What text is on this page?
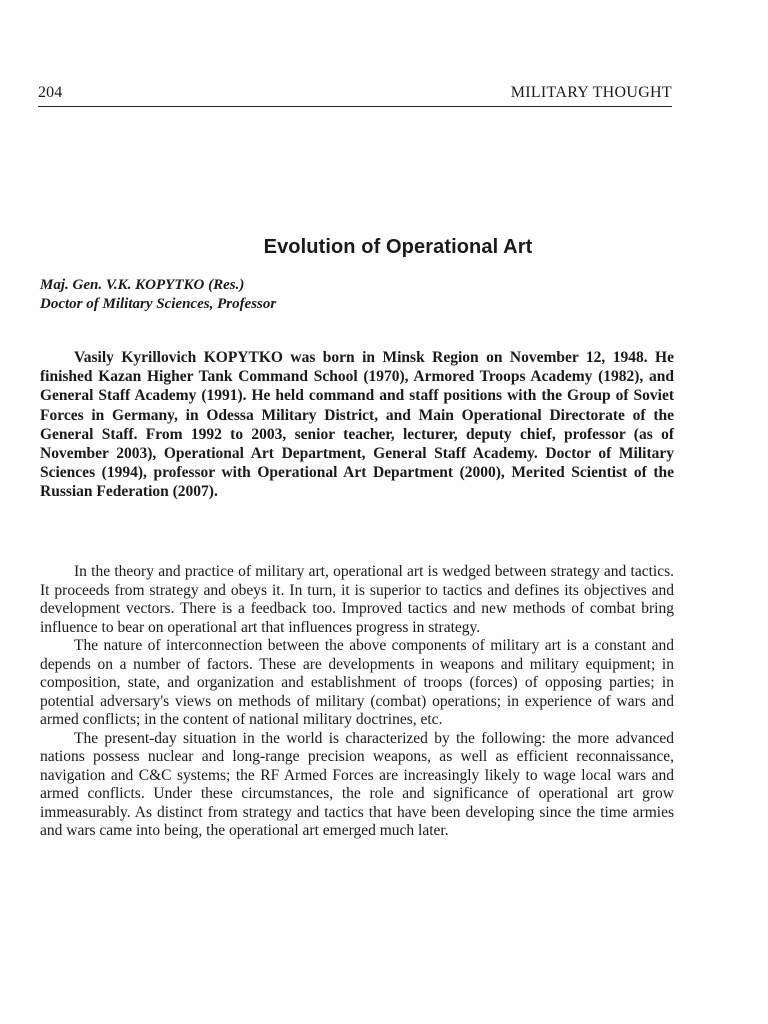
204	MILITARY THOUGHT
Evolution of Operational Art
Maj. Gen. V.K. KOPYTKO (Res.)
Doctor of Military Sciences, Professor

Vasily Kyrillovich KOPYTKO was born in Minsk Region on November 12, 1948. He finished Kazan Higher Tank Command School (1970), Armored Troops Academy (1982), and General Staff Academy (1991). He held command and staff positions with the Group of Soviet Forces in Germany, in Odessa Military District, and Main Operational Directorate of the General Staff. From 1992 to 2003, senior teacher, lecturer, deputy chief, professor (as of November 2003), Operational Art Department, General Staff Academy. Doctor of Military Sciences (1994), professor with Operational Art Department (2000), Merited Scientist of the Russian Federation (2007).

In the theory and practice of military art, operational art is wedged between strategy and tactics. It proceeds from strategy and obeys it. In turn, it is superior to tactics and defines its objectives and development vectors. There is a feedback too. Improved tactics and new methods of combat bring influence to bear on operational art that influences progress in strategy.

The nature of interconnection between the above components of military art is a constant and depends on a number of factors. These are developments in weapons and military equipment; in composition, state, and organization and establishment of troops (forces) of opposing parties; in potential adversary's views on methods of military (combat) operations; in experience of wars and armed conflicts; in the content of national military doctrines, etc.

The present-day situation in the world is characterized by the following: the more advanced nations possess nuclear and long-range precision weapons, as well as efficient reconnaissance, navigation and C&C systems; the RF Armed Forces are increasingly likely to wage local wars and armed conflicts. Under these circumstances, the role and significance of operational art grow immeasurably. As distinct from strategy and tactics that have been developing since the time armies and wars came into being, the operational art emerged much later.
